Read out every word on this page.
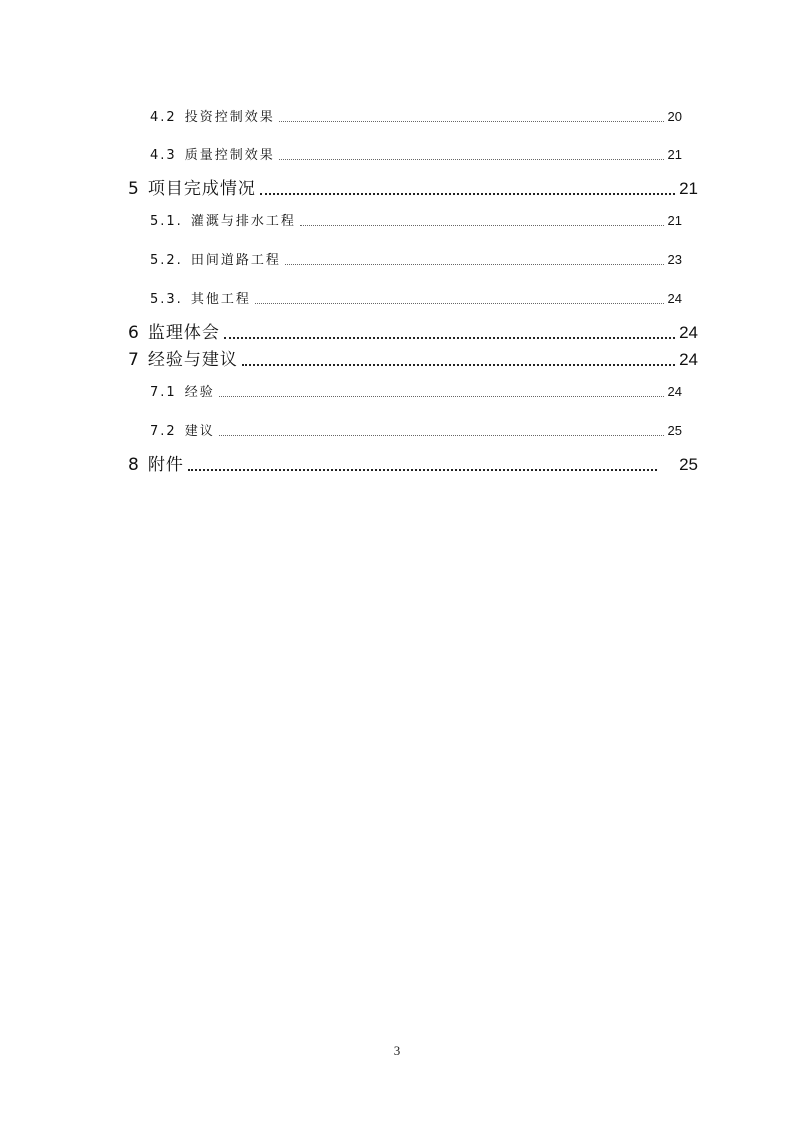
4.2 投资控制效果	20
4.3 质量控制效果	21
5 项目完成情况	21
5.1. 灌溉与排水工程	21
5.2. 田间道路工程	23
5.3. 其他工程	24
6 监理体会	24
7 经验与建议	24
7.1 经验	24
7.2 建议	25
8 附件	25
3
